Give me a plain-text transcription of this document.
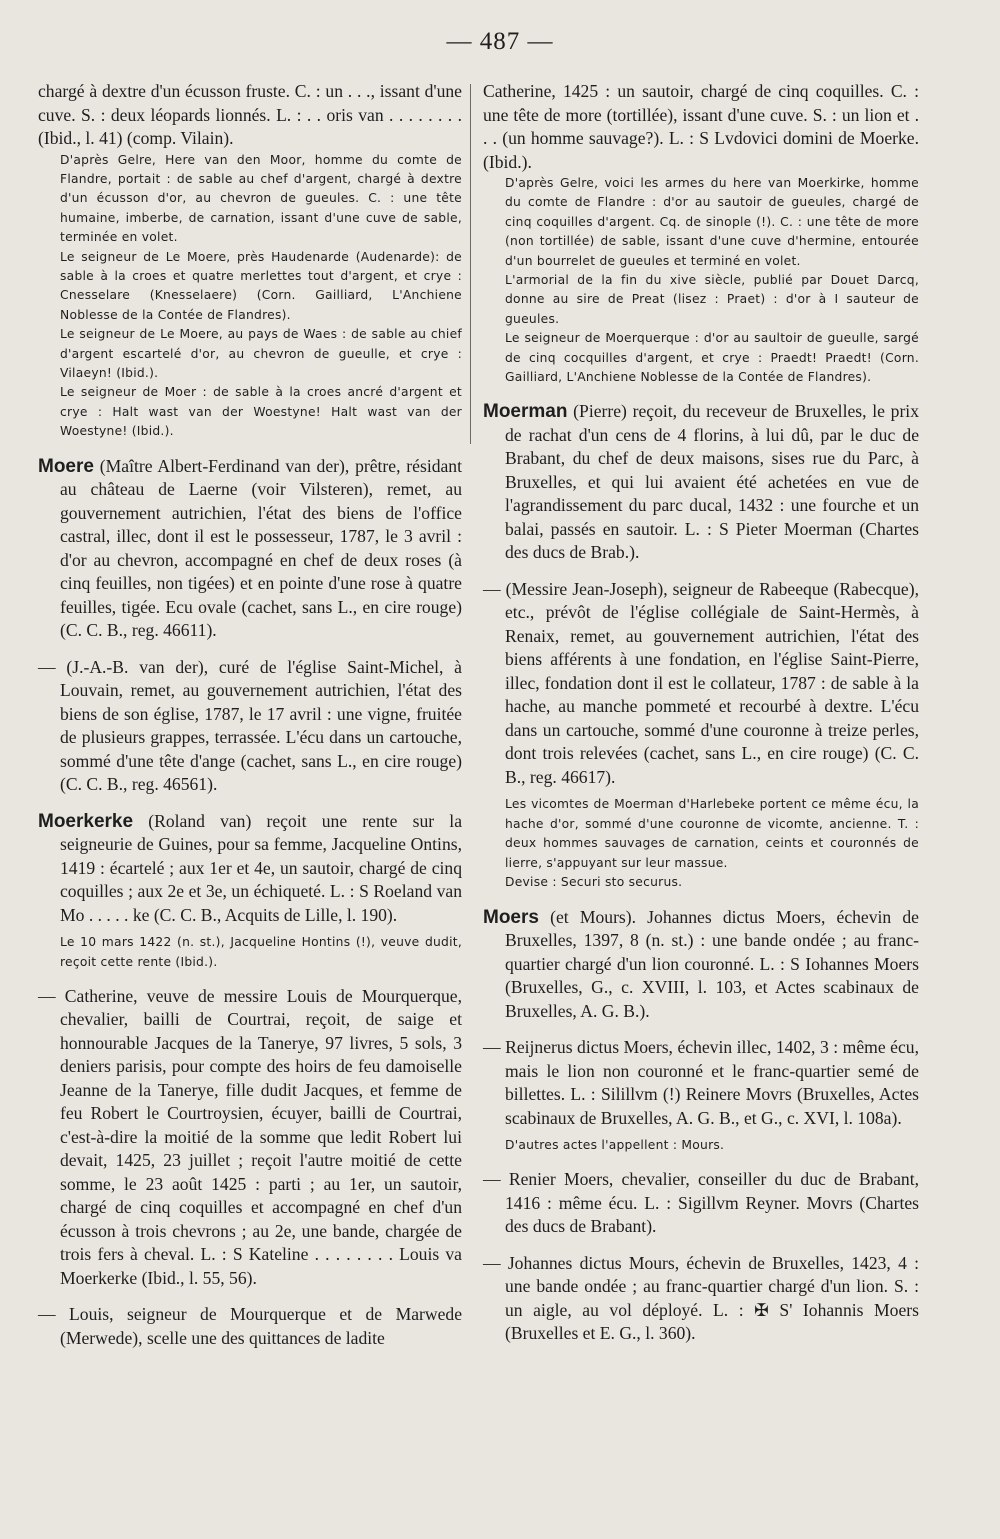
— 487 —

chargé à dextre d'un écusson fruste. C. : un . . ., issant d'une cuve. S. : deux léopards lionnés. L. : . . oris van . . . . . . . . (Ibid., l. 41) (comp. Vilain).

D'après Gelre, Here van den Moor, homme du comte de Flandre, portait : de sable au chef d'argent, chargé à dextre d'un écusson d'or, au chevron de gueules. C. : une tête humaine, imberbe, de carnation, issant d'une cuve de sable, terminée en volet.

Le seigneur de Le Moere, près Haudenarde (Audenarde): de sable à la croes et quatre merlettes tout d'argent, et crye : Cnesselare (Knesselaere) (Corn. Gailliard, L'Anchiene Noblesse de la Contée de Flandres).

Le seigneur de Le Moere, au pays de Waes : de sable au chief d'argent escartelé d'or, au chevron de gueulle, et crye : Vilaeyn! (Ibid.).

Le seigneur de Moer : de sable à la croes ancré d'argent et crye : Halt wast van der Woestyne! Halt wast van der Woestyne! (Ibid.).

Moere (Maître Albert-Ferdinand van der), prêtre, résidant au château de Laerne (voir Vilsteren), remet, au gouvernement autrichien, l'état des biens de l'office castral, illec, dont il est le possesseur, 1787, le 3 avril : d'or au chevron, accompagné en chef de deux roses (à cinq feuilles, non tigées) et en pointe d'une rose à quatre feuilles, tigée. Ecu ovale (cachet, sans L., en cire rouge) (C. C. B., reg. 46611).

— (J.-A.-B. van der), curé de l'église Saint-Michel, à Louvain, remet, au gouvernement autrichien, l'état des biens de son église, 1787, le 17 avril : une vigne, fruitée de plusieurs grappes, terrassée. L'écu dans un cartouche, sommé d'une tête d'ange (cachet, sans L., en cire rouge) (C. C. B., reg. 46561).

Moerkerke (Roland van) reçoit une rente sur la seigneurie de Guines, pour sa femme, Jacqueline Ontins, 1419 : écartelé ; aux 1er et 4e, un sautoir, chargé de cinq coquilles ; aux 2e et 3e, un échiqueté. L. : S Roeland van Mo . . . . . ke (C. C. B., Acquits de Lille, l. 190).

Le 10 mars 1422 (n. st.), Jacqueline Hontins (!), veuve dudit, reçoit cette rente (Ibid.).

— Catherine, veuve de messire Louis de Mourquerque, chevalier, bailli de Courtrai, reçoit, de saige et honnourable Jacques de la Tanerye, 97 livres, 5 sols, 3 deniers parisis, pour compte des hoirs de feu damoiselle Jeanne de la Tanerye, fille dudit Jacques, et femme de feu Robert le Courtroysien, écuyer, bailli de Courtrai, c'est-à-dire la moitié de la somme que ledit Robert lui devait, 1425, 23 juillet ; reçoit l'autre moitié de cette somme, le 23 août 1425 : parti ; au 1er, un sautoir, chargé de cinq coquilles et accompagné en chef d'un écusson à trois chevrons ; au 2e, une bande, chargée de trois fers à cheval. L. : S Kateline . . . . . . . . Louis va Moerkerke (Ibid., l. 55, 56).

— Louis, seigneur de Mourquerque et de Marwede (Merwede), scelle une des quittances de ladite

Catherine, 1425 : un sautoir, chargé de cinq coquilles. C. : une tête de more (tortillée), issant d'une cuve. S. : un lion et . . . (un homme sauvage?). L. : S Lvdovici domini de Moerke. (Ibid.).

D'après Gelre, voici les armes du here van Moerkirke, homme du comte de Flandre : d'or au sautoir de gueules, chargé de cinq coquilles d'argent. Cq. de sinople (!). C. : une tête de more (non tortillée) de sable, issant d'une cuve d'hermine, entourée d'un bourrelet de gueules et terminé en volet.

L'armorial de la fin du xive siècle, publié par Douet Darcq, donne au sire de Preat (lisez : Praet) : d'or à I sauteur de gueules.

Le seigneur de Moerquerque : d'or au saultoir de gueulle, sargé de cinq cocquilles d'argent, et crye : Praedt! Praedt! (Corn. Gailliard, L'Anchiene Noblesse de la Contée de Flandres).

Moerman (Pierre) reçoit, du receveur de Bruxelles, le prix de rachat d'un cens de 4 florins, à lui dû, par le duc de Brabant, du chef de deux maisons, sises rue du Parc, à Bruxelles, et qui lui avaient été achetées en vue de l'agrandissement du parc ducal, 1432 : une fourche et un balai, passés en sautoir. L. : S Pieter Moerman (Chartes des ducs de Brab.).

— (Messire Jean-Joseph), seigneur de Rabeeque (Rabecque), etc., prévôt de l'église collégiale de Saint-Hermès, à Renaix, remet, au gouvernement autrichien, l'état des biens afférents à une fondation, en l'église Saint-Pierre, illec, fondation dont il est le collateur, 1787 : de sable à la hache, au manche pommeté et recourbé à dextre. L'écu dans un cartouche, sommé d'une couronne à treize perles, dont trois relevées (cachet, sans L., en cire rouge) (C. C. B., reg. 46617).

Les vicomtes de Moerman d'Harlebeke portent ce même écu, la hache d'or, sommé d'une couronne de vicomte, ancienne. T. : deux hommes sauvages de carnation, ceints et couronnés de lierre, s'appuyant sur leur massue.

Devise : Securi sto securus.

Moers (et Mours). Johannes dictus Moers, échevin de Bruxelles, 1397, 8 (n. st.) : une bande ondée ; au franc-quartier chargé d'un lion couronné. L. : S Iohannes Moers (Bruxelles, G., c. XVIII, l. 103, et Actes scabinaux de Bruxelles, A. G. B.).

— Reijnerus dictus Moers, échevin illec, 1402, 3 : même écu, mais le lion non couronné et le franc-quartier semé de billettes. L. : Silillvm (!) Reinere Movrs (Bruxelles, Actes scabinaux de Bruxelles, A. G. B., et G., c. XVI, l. 108a).

D'autres actes l'appellent : Mours.

— Renier Moers, chevalier, conseiller du duc de Brabant, 1416 : même écu. L. : Sigillvm Reyner. Movrs (Chartes des ducs de Brabant).

— Johannes dictus Mours, échevin de Bruxelles, 1423, 4 : une bande ondée ; au franc-quartier chargé d'un lion. S. : un aigle, au vol déployé. L. : ✠ S' Iohannis Moers (Bruxelles et E. G., l. 360).
